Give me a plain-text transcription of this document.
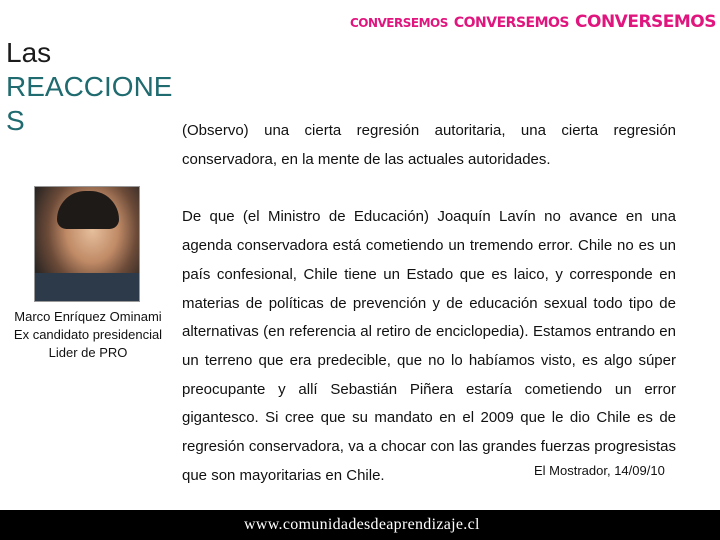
CONVERSEMOS CONVERSEMOS CONVERSEMOS
Las
REACCIONES
Marco Enríquez Ominami
Ex candidato presidencial
Lider de PRO

(Observo) una cierta regresión autoritaria, una cierta regresión conservadora, en la mente de las actuales autoridades.

De que (el Ministro de Educación) Joaquín Lavín no avance en una agenda conservadora está cometiendo un tremendo error. Chile no es un país confesional, Chile tiene un Estado que es laico, y corresponde en materias de políticas de prevención y de educación sexual todo tipo de alternativas (en referencia al retiro de enciclopedia). Estamos entrando en un terreno que era predecible, que no lo habíamos visto, es algo súper preocupante y allí Sebastián Piñera estaría cometiendo un error gigantesco. Si cree que su mandato en el 2009 que le dio Chile es de regresión conservadora, va a chocar con las grandes fuerzas progresistas que son mayoritarias en Chile.	El Mostrador, 14/09/10
www.comunidadesdeaprendizaje.cl
